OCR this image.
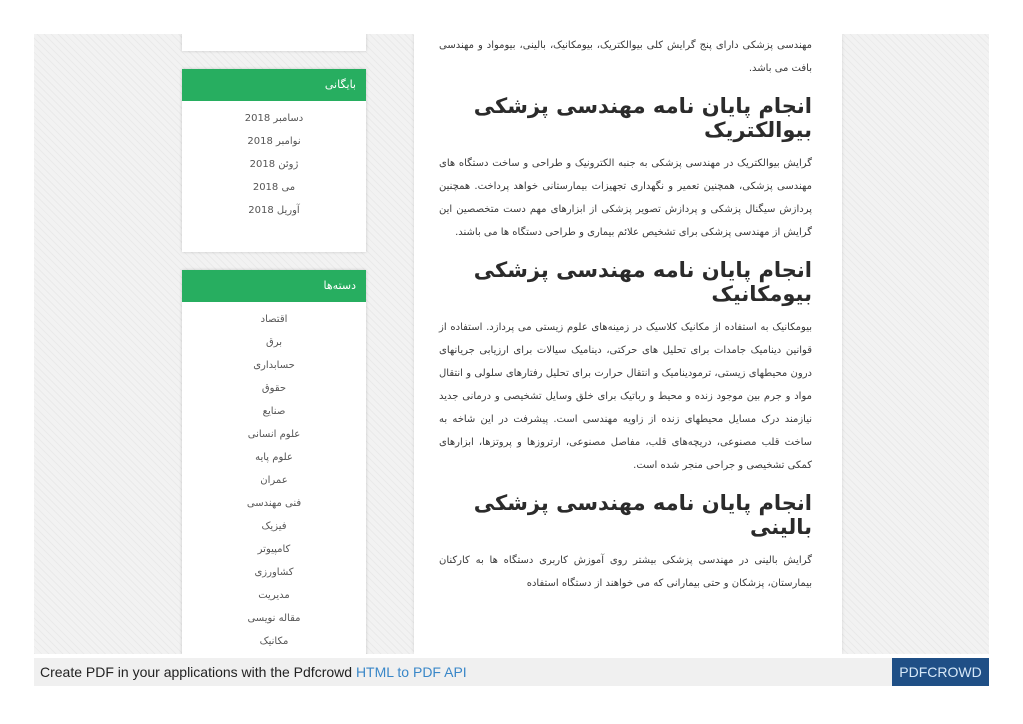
بایگانی
دسامبر 2018
نوامبر 2018
ژوئن 2018
می 2018
آوریل 2018
دسته‌ها
اقتصاد
برق
حسابداری
حقوق
صنایع
علوم انسانی
علوم پایه
عمران
فنی مهندسی
فیزیک
کامپیوتر
کشاورزی
مدیریت
مقاله نویسی
مکانیک

مهندسی پزشکی دارای پنج گرایش کلی بیوالکتریک، بیومکانیک، بالینی، بیومواد و مهندسی بافت می باشد.

انجام پایان نامه مهندسی پزشکی بیوالکتریک

گرایش بیوالکتریک در مهندسی پزشکی به جنبه الکترونیک و طراحی و ساخت دستگاه های مهندسی پزشکی، همچنین تعمیر و نگهداری تجهیزات بیمارستانی خواهد پرداخت. همچنین پردازش سیگنال پزشکی و پردازش تصویر پزشکی از ابزارهای مهم دست متخصصین این گرایش از مهندسی پزشکی برای تشخیص علائم بیماری و طراحی دستگاه ها می باشند.

انجام پایان نامه مهندسی پزشکی بیومکانیک

بیومکانیک به استفاده از مکانیک کلاسیک در زمینه‌های علوم زیستی می پردازد. استفاده از قوانین دینامیک جامدات برای تحلیل های حرکتی، دینامیک سیالات برای ارزیابی جریانهای درون محیطهای زیستی، ترمودینامیک و انتقال حرارت برای تحلیل رفتارهای سلولی و انتقال مواد و جرم بین موجود زنده و محیط و رباتیک برای خلق وسایل تشخیصی و درمانی جدید نیازمند درک مسایل محیطهای زنده از زاویه مهندسی است. پیشرفت در این شاخه به ساخت قلب مصنوعی، دریچه‌های قلب، مفاصل مصنوعی، ارتروزها و پروتزها، ابزارهای کمکی تشخیصی و جراحی منجر شده است.

انجام پایان نامه مهندسی پزشکی بالینی

گرایش بالینی در مهندسی پزشکی بیشتر روی آموزش کاربری دستگاه ها به کارکنان بیمارستان، پزشکان و حتی بیمارانی که می خواهند از دستگاه استفاده

Create PDF in your applications with the Pdfcrowd HTML to PDF API	PDFCROWD
